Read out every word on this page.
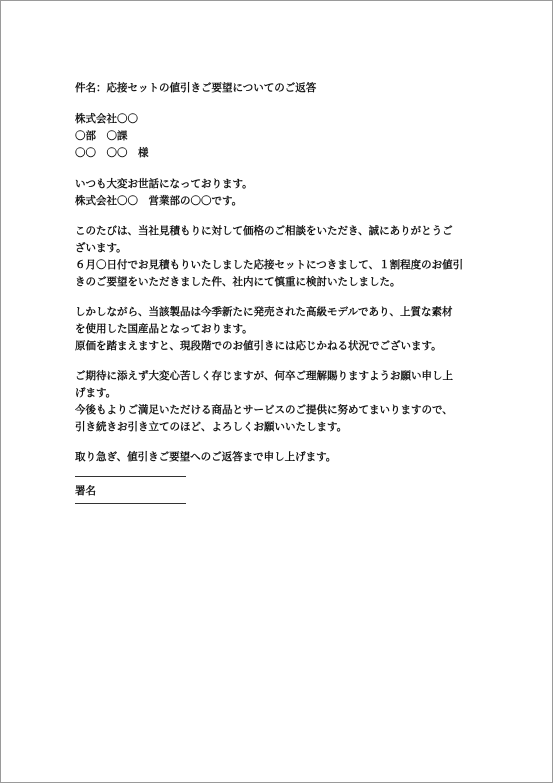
件名：応接セットの値引きご要望についてのご返答
株式会社〇〇
〇部　〇課
〇〇　〇〇　様
いつも大変お世話になっております。
株式会社〇〇　営業部の〇〇です。
このたびは、当社見積もりに対して価格のご相談をいただき、誠にありがとうご
ざいます。
６月〇日付でお見積もりいたしました応接セットにつきまして、１割程度のお値引
きのご要望をいただきました件、社内にて慎重に検討いたしました。
しかしながら、当該製品は今季新たに発売された高級モデルであり、上質な素材
を使用した国産品となっております。
原価を踏まえますと、現段階でのお値引きには応じかねる状況でございます。
ご期待に添えず大変心苦しく存じますが、何卒ご理解賜りますようお願い申し上
げます。
今後もよりご満足いただける商品とサービスのご提供に努めてまいりますので、
引き続きお引き立てのほど、よろしくお願いいたします。
取り急ぎ、値引きご要望へのご返答まで申し上げます。
署名
